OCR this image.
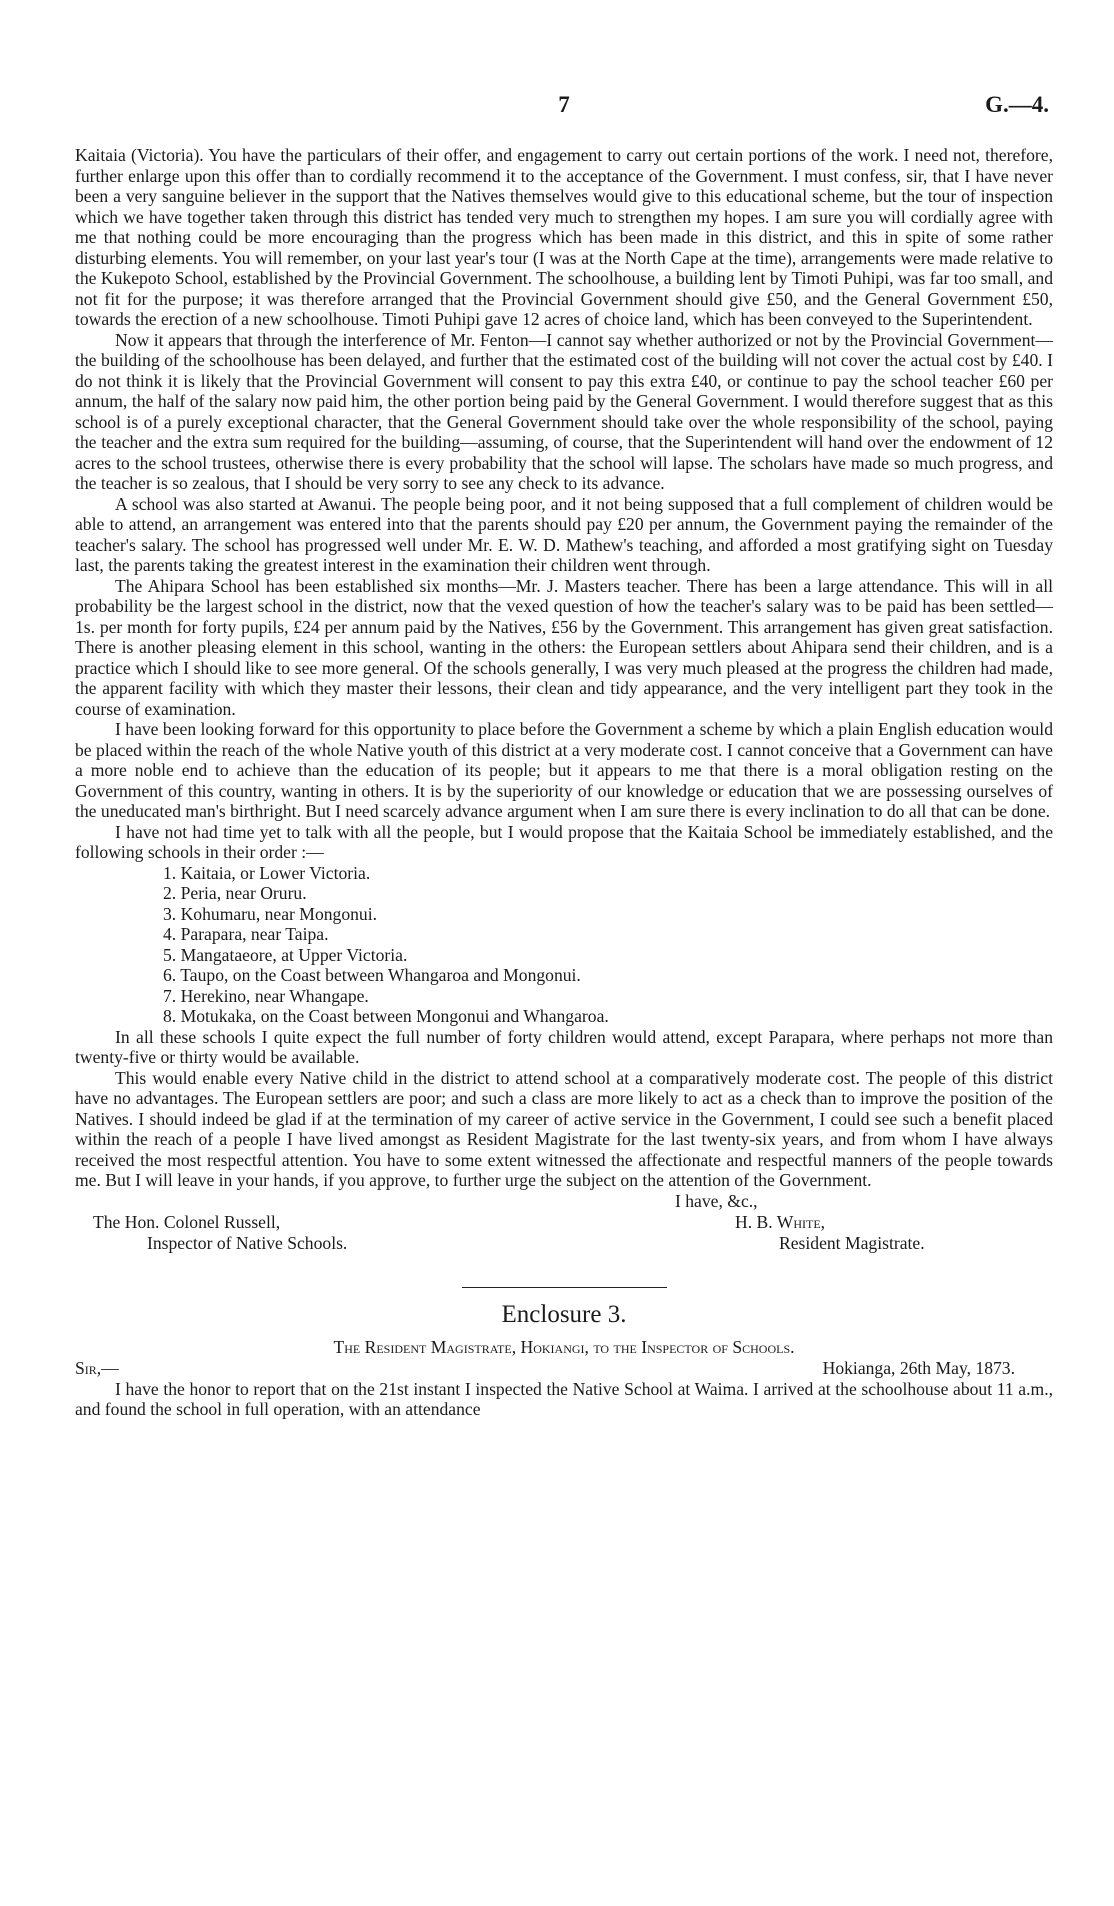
7	G.—4.

Kaitaia (Victoria). You have the particulars of their offer, and engagement to carry out certain portions of the work. I need not, therefore, further enlarge upon this offer than to cordially recommend it to the acceptance of the Government. I must confess, sir, that I have never been a very sanguine believer in the support that the Natives themselves would give to this educational scheme, but the tour of inspection which we have together taken through this district has tended very much to strengthen my hopes. I am sure you will cordially agree with me that nothing could be more encouraging than the progress which has been made in this district, and this in spite of some rather disturbing elements. You will remember, on your last year's tour (I was at the North Cape at the time), arrangements were made relative to the Kukepoto School, established by the Provincial Government. The schoolhouse, a building lent by Timoti Puhipi, was far too small, and not fit for the purpose; it was therefore arranged that the Provincial Government should give £50, and the General Government £50, towards the erection of a new schoolhouse. Timoti Puhipi gave 12 acres of choice land, which has been conveyed to the Superintendent.

Now it appears that through the interference of Mr. Fenton—I cannot say whether authorized or not by the Provincial Government—the building of the schoolhouse has been delayed, and further that the estimated cost of the building will not cover the actual cost by £40. I do not think it is likely that the Provincial Government will consent to pay this extra £40, or continue to pay the school teacher £60 per annum, the half of the salary now paid him, the other portion being paid by the General Government. I would therefore suggest that as this school is of a purely exceptional character, that the General Government should take over the whole responsibility of the school, paying the teacher and the extra sum required for the building—assuming, of course, that the Superintendent will hand over the endowment of 12 acres to the school trustees, otherwise there is every probability that the school will lapse. The scholars have made so much progress, and the teacher is so zealous, that I should be very sorry to see any check to its advance.

A school was also started at Awanui. The people being poor, and it not being supposed that a full complement of children would be able to attend, an arrangement was entered into that the parents should pay £20 per annum, the Government paying the remainder of the teacher's salary. The school has progressed well under Mr. E. W. D. Mathew's teaching, and afforded a most gratifying sight on Tuesday last, the parents taking the greatest interest in the examination their children went through.

The Ahipara School has been established six months—Mr. J. Masters teacher. There has been a large attendance. This will in all probability be the largest school in the district, now that the vexed question of how the teacher's salary was to be paid has been settled—1s. per month for forty pupils, £24 per annum paid by the Natives, £56 by the Government. This arrangement has given great satisfaction. There is another pleasing element in this school, wanting in the others: the European settlers about Ahipara send their children, and is a practice which I should like to see more general. Of the schools generally, I was very much pleased at the progress the children had made, the apparent facility with which they master their lessons, their clean and tidy appearance, and the very intelligent part they took in the course of examination.

I have been looking forward for this opportunity to place before the Government a scheme by which a plain English education would be placed within the reach of the whole Native youth of this district at a very moderate cost. I cannot conceive that a Government can have a more noble end to achieve than the education of its people; but it appears to me that there is a moral obligation resting on the Government of this country, wanting in others. It is by the superiority of our knowledge or education that we are possessing ourselves of the uneducated man's birthright. But I need scarcely advance argument when I am sure there is every inclination to do all that can be done.

I have not had time yet to talk with all the people, but I would propose that the Kaitaia School be immediately established, and the following schools in their order :—

1. Kaitaia, or Lower Victoria.
2. Peria, near Oruru.
3. Kohumaru, near Mongonui.
4. Parapara, near Taipa.
5. Mangataeore, at Upper Victoria.
6. Taupo, on the Coast between Whangaroa and Mongonui.
7. Herekino, near Whangape.
8. Motukaka, on the Coast between Mongonui and Whangaroa.

In all these schools I quite expect the full number of forty children would attend, except Parapara, where perhaps not more than twenty-five or thirty would be available.

This would enable every Native child in the district to attend school at a comparatively moderate cost. The people of this district have no advantages. The European settlers are poor; and such a class are more likely to act as a check than to improve the position of the Natives. I should indeed be glad if at the termination of my career of active service in the Government, I could see such a benefit placed within the reach of a people I have lived amongst as Resident Magistrate for the last twenty-six years, and from whom I have always received the most respectful attention. You have to some extent witnessed the affectionate and respectful manners of the people towards me. But I will leave in your hands, if you approve, to further urge the subject on the attention of the Government.

I have, &c.,
The Hon. Colonel Russell,	H. B. White,
Inspector of Native Schools.	Resident Magistrate.
Enclosure 3.
The Resident Magistrate, Hokiangi, to the Inspector of Schools.
Sir,—	Hokianga, 26th May, 1873.

I have the honor to report that on the 21st instant I inspected the Native School at Waima. I arrived at the schoolhouse about 11 a.m., and found the school in full operation, with an attendance
